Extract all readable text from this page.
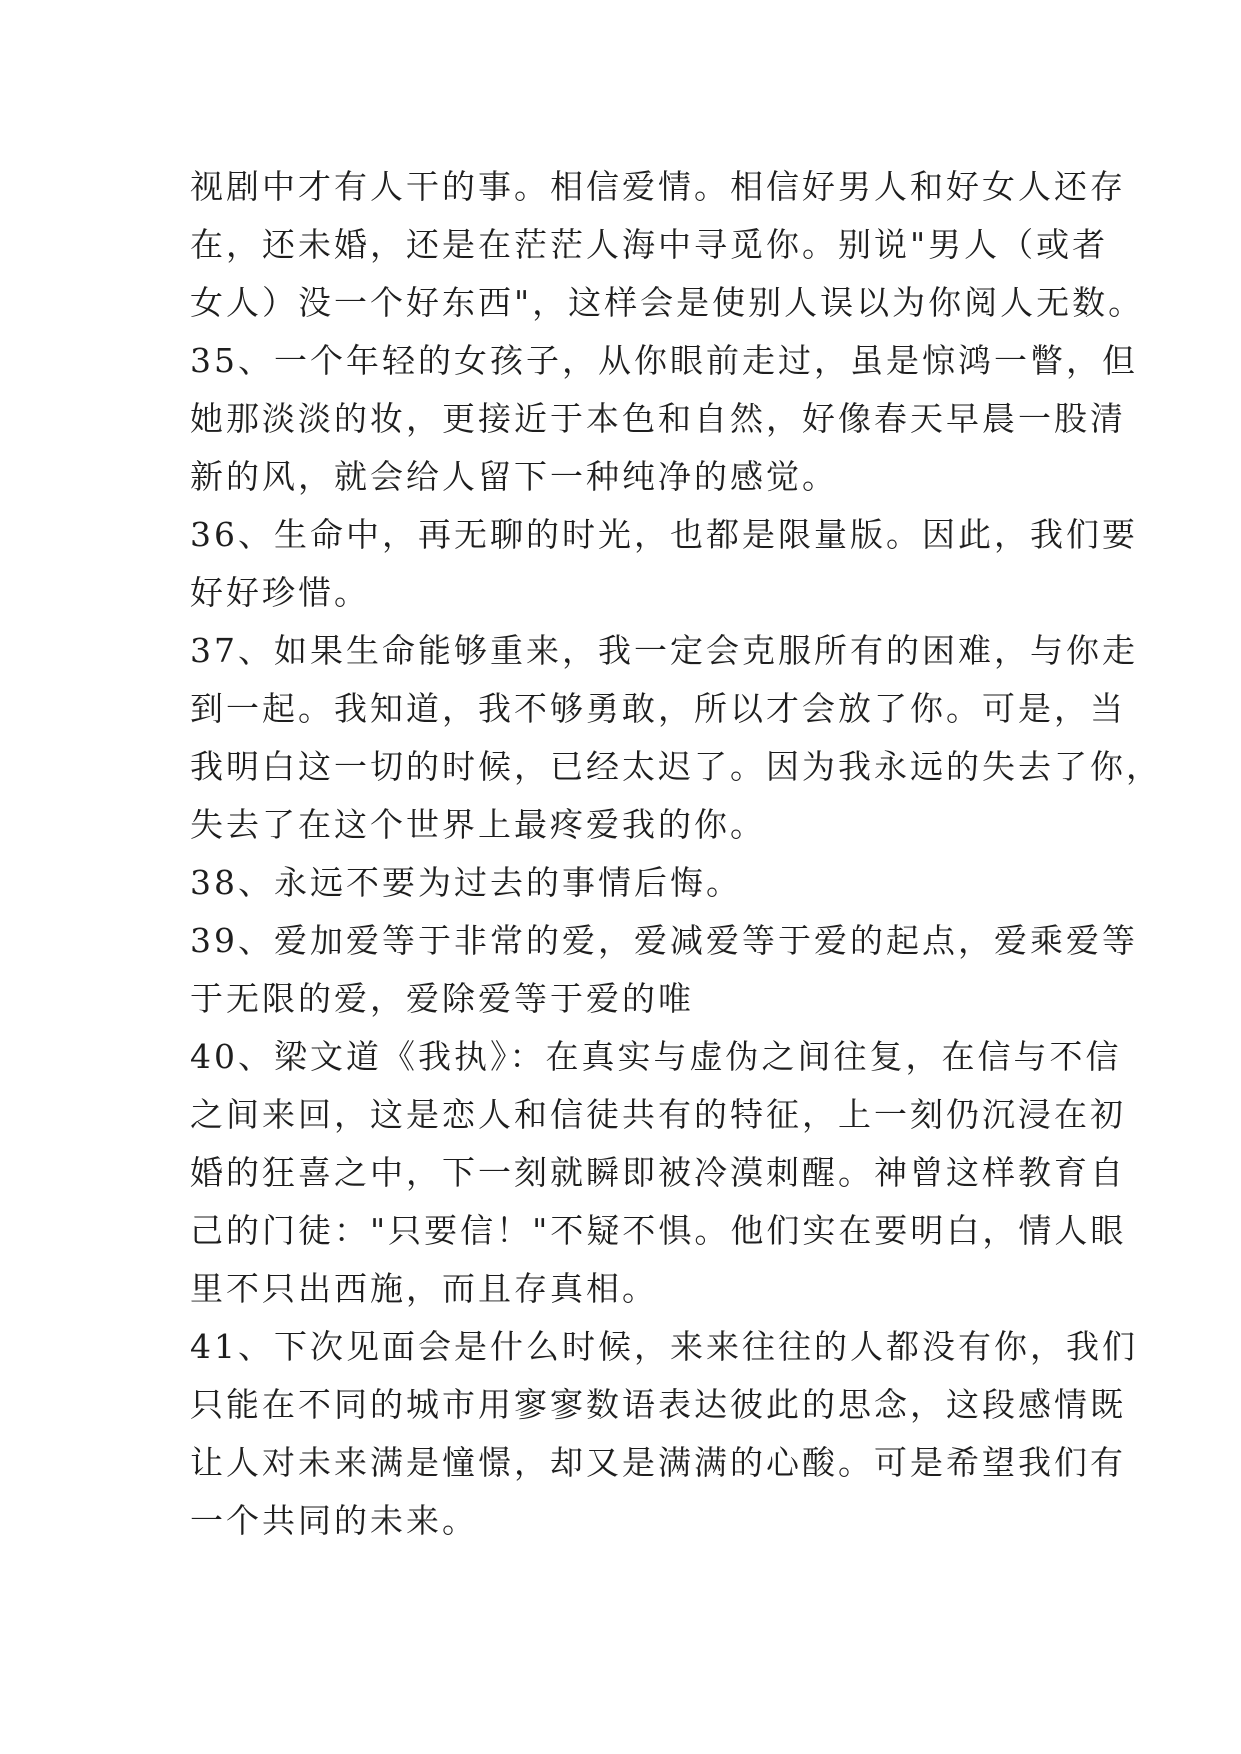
视剧中才有人干的事。相信爱情。相信好男人和好女人还存
在，还未婚，还是在茫茫人海中寻觅你。别说"男人（或者
女人）没一个好东西"，这样会是使别人误以为你阅人无数。
35、一个年轻的女孩子，从你眼前走过，虽是惊鸿一瞥，但
她那淡淡的妆，更接近于本色和自然，好像春天早晨一股清
新的风，就会给人留下一种纯净的感觉。
36、生命中，再无聊的时光，也都是限量版。因此，我们要
好好珍惜。
37、如果生命能够重来，我一定会克服所有的困难，与你走
到一起。我知道，我不够勇敢，所以才会放了你。可是，当
我明白这一切的时候，已经太迟了。因为我永远的失去了你，
失去了在这个世界上最疼爱我的你。
38、永远不要为过去的事情后悔。
39、爱加爱等于非常的爱，爱减爱等于爱的起点，爱乘爱等
于无限的爱，爱除爱等于爱的唯
40、梁文道《我执》：在真实与虚伪之间往复，在信与不信
之间来回，这是恋人和信徒共有的特征，上一刻仍沉浸在初
婚的狂喜之中，下一刻就瞬即被冷漠刺醒。神曾这样教育自
己的门徒："只要信！"不疑不惧。他们实在要明白，情人眼
里不只出西施，而且存真相。
41、下次见面会是什么时候，来来往往的人都没有你，我们
只能在不同的城市用寥寥数语表达彼此的思念，这段感情既
让人对未来满是憧憬，却又是满满的心酸。可是希望我们有
一个共同的未来。
